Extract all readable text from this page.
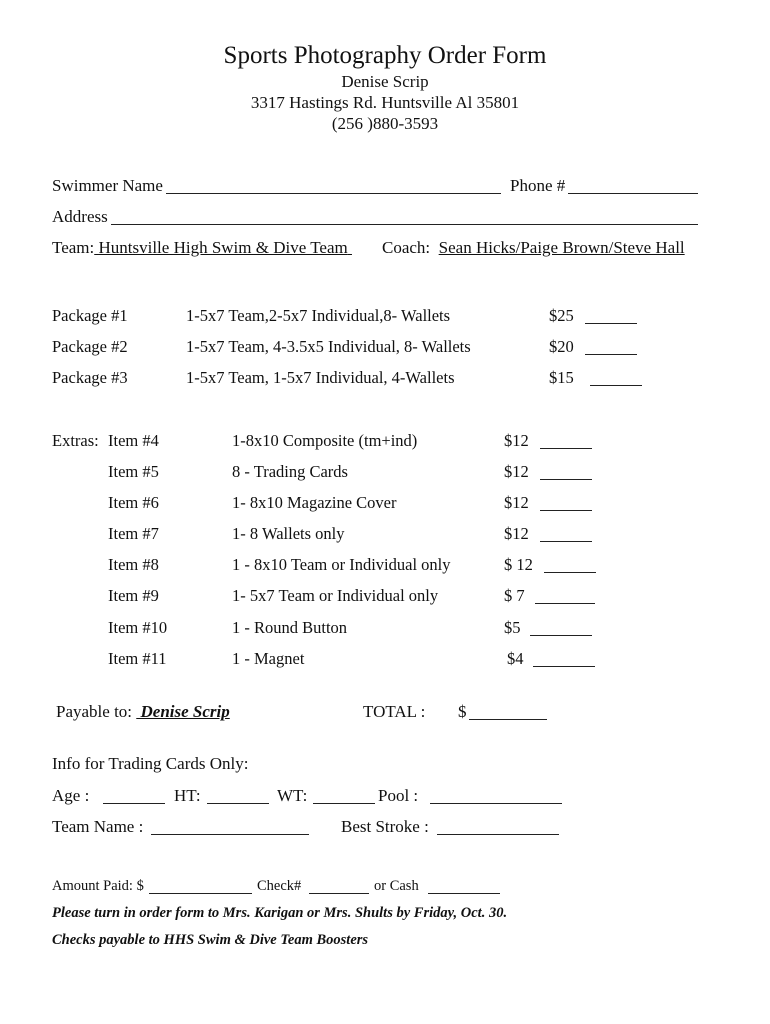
Sports Photography Order Form
Denise Scrip
3317 Hastings Rd. Huntsville Al 35801
(256 )880-3593
Swimmer Name	Phone #
Address
Team: Huntsville High Swim & Dive Team Coach: Sean Hicks/Paige Brown/Steve Hall
Package #1	1-5x7 Team,2-5x7 Individual,8- Wallets	$25
Package #2	1-5x7 Team, 4-3.5x5 Individual, 8- Wallets	$20
Package #3	1-5x7 Team, 1-5x7 Individual, 4-Wallets	$15
Extras: Item #4	1-8x10 Composite (tm+ind)	$12
Item #5	8 - Trading Cards	$12
Item #6	1- 8x10 Magazine Cover	$12
Item #7	1- 8 Wallets only	$12
Item #8	1 - 8x10 Team or Individual only	$ 12
Item #9	1- 5x7 Team or Individual only	$ 7
Item #10	1 - Round Button	$5
Item #11	1 - Magnet	$4
Payable to: Denise Scrip	TOTAL : $
Info for Trading Cards Only:
Age :	HT:	WT:	Pool :
Team Name :	Best Stroke :
Amount Paid: $	Check#	or Cash
Please turn in order form to Mrs. Karigan or Mrs. Shults by Friday, Oct. 30.
Checks payable to HHS Swim & Dive Team Boosters
